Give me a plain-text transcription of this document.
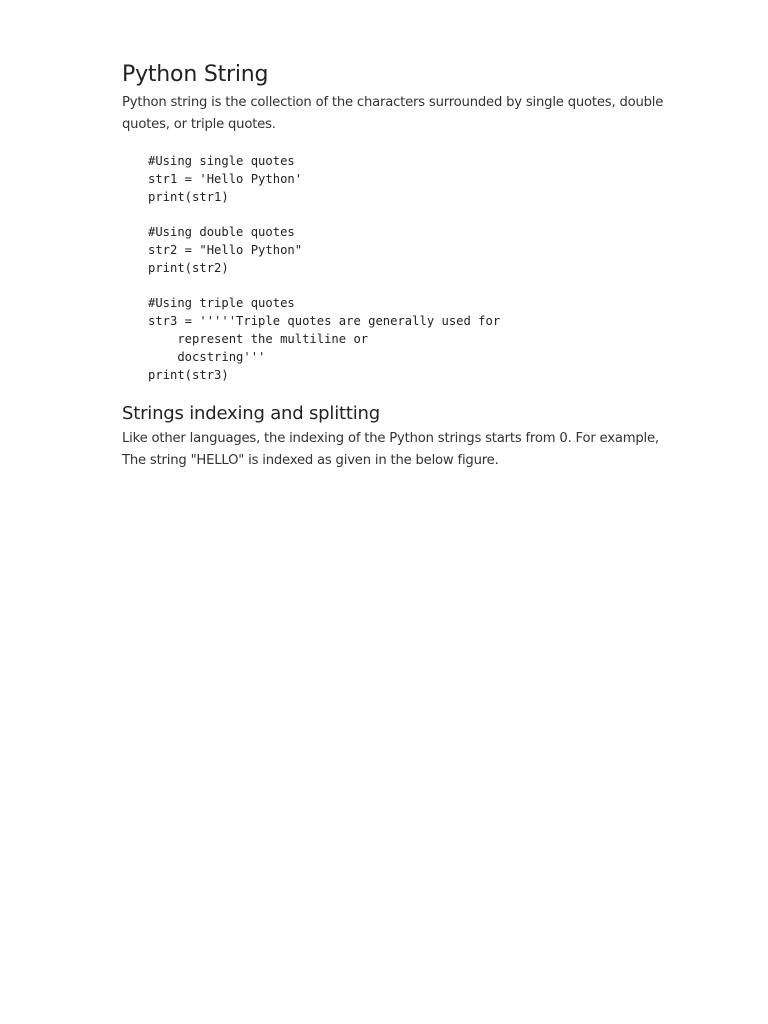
Python String

Python string is the collection of the characters surrounded by single quotes, double quotes, or triple quotes.

#Using single quotes
str1 = 'Hello Python'
print(str1)
#Using double quotes
str2 = "Hello Python"
print(str2)
#Using triple quotes
str3 = '''''Triple quotes are generally used for
represent the multiline or
docstring'''
print(str3)
Strings indexing and splitting

Like other languages, the indexing of the Python strings starts from 0. For example, The string "HELLO" is indexed as given in the below figure.
